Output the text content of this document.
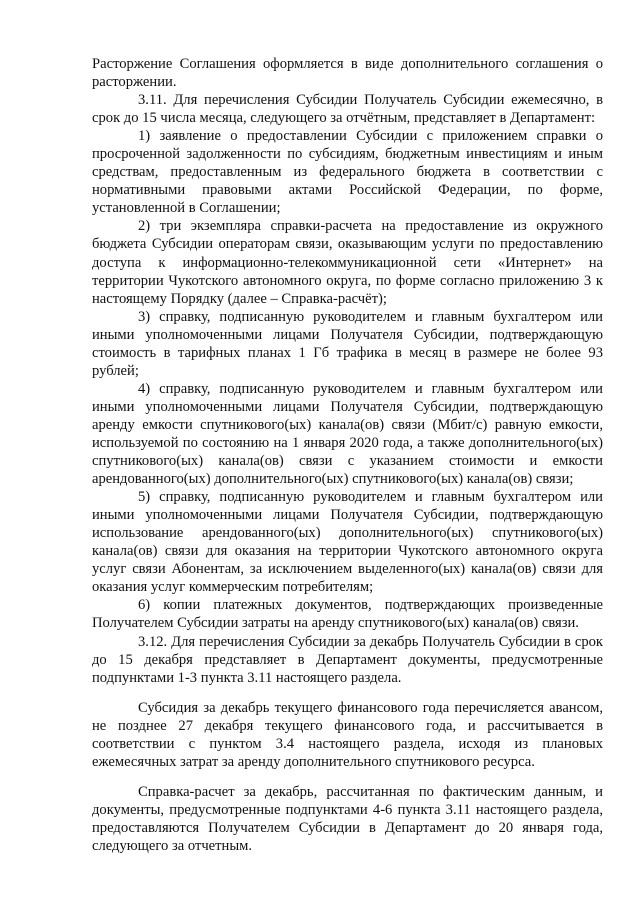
Расторжение Соглашения оформляется в виде дополнительного соглашения о расторжении.

3.11. Для перечисления Субсидии Получатель Субсидии ежемесячно, в срок до 15 числа месяца, следующего за отчётным, представляет в Департамент:

1) заявление о предоставлении Субсидии с приложением справки о просроченной задолженности по субсидиям, бюджетным инвестициям и иным средствам, предоставленным из федерального бюджета в соответствии с нормативными правовыми актами Российской Федерации, по форме, установленной в Соглашении;

2) три экземпляра справки-расчета на предоставление из окружного бюджета Субсидии операторам связи, оказывающим услуги по предоставлению доступа к информационно-телекоммуникационной сети «Интернет» на территории Чукотского автономного округа, по форме согласно приложению 3 к настоящему Порядку (далее – Справка-расчёт);

3) справку, подписанную руководителем и главным бухгалтером или иными уполномоченными лицами Получателя Субсидии, подтверждающую стоимость в тарифных планах 1 Гб трафика в месяц в размере не более 93 рублей;

4) справку, подписанную руководителем и главным бухгалтером или иными уполномоченными лицами Получателя Субсидии, подтверждающую аренду емкости спутникового(ых) канала(ов) связи (Мбит/с) равную емкости, используемой по состоянию на 1 января 2020 года, а также дополнительного(ых) спутникового(ых) канала(ов) связи с указанием стоимости и емкости арендованного(ых) дополнительного(ых) спутникового(ых) канала(ов) связи;

5) справку, подписанную руководителем и главным бухгалтером или иными уполномоченными лицами Получателя Субсидии, подтверждающую использование арендованного(ых) дополнительного(ых) спутникового(ых) канала(ов) связи для оказания на территории Чукотского автономного округа услуг связи Абонентам, за исключением выделенного(ых) канала(ов) связи для оказания услуг коммерческим потребителям;

6) копии платежных документов, подтверждающих произведенные Получателем Субсидии затраты на аренду спутникового(ых) канала(ов) связи.

3.12. Для перечисления Субсидии за декабрь Получатель Субсидии в срок до 15 декабря представляет в Департамент документы, предусмотренные подпунктами 1-3 пункта 3.11 настоящего раздела.

Субсидия за декабрь текущего финансового года перечисляется авансом, не позднее 27 декабря текущего финансового года, и рассчитывается в соответствии с пунктом 3.4 настоящего раздела, исходя из плановых ежемесячных затрат за аренду дополнительного спутникового ресурса.

Справка-расчет за декабрь, рассчитанная по фактическим данным, и документы, предусмотренные подпунктами 4-6 пункта 3.11 настоящего раздела, предоставляются Получателем Субсидии в Департамент до 20 января года, следующего за отчетным.
